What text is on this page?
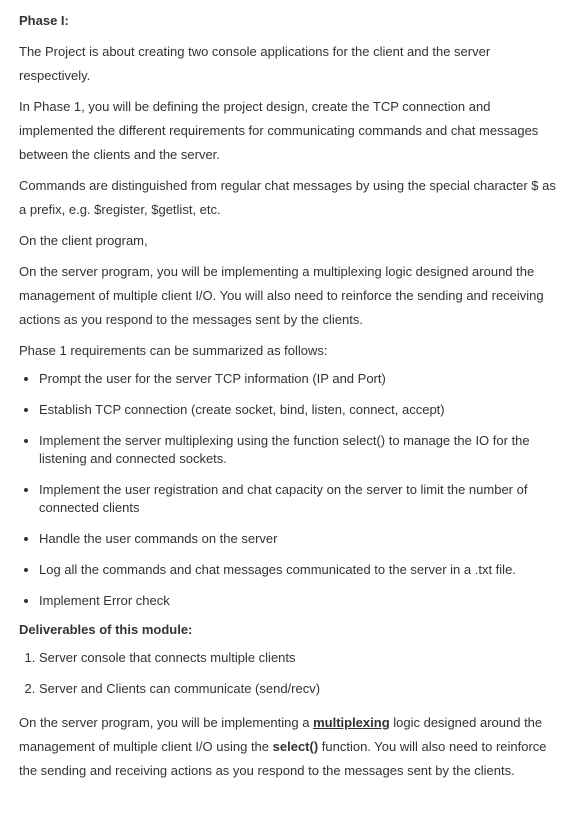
Phase I:

The Project is about creating two console applications for the client and the server respectively.

In Phase 1, you will be defining the project design, create the TCP connection and implemented the different requirements for communicating commands and chat messages between the clients and the server.

Commands are distinguished from regular chat messages by using the special character $ as a prefix, e.g. $register, $getlist, etc.

On the client program,

On the server program, you will be implementing a multiplexing logic designed around the management of multiple client I/O. You will also need to reinforce the sending and receiving actions as you respond to the messages sent by the clients.

Phase 1 requirements can be summarized as follows:

• Prompt the user for the server TCP information (IP and Port)
• Establish TCP connection (create socket, bind, listen, connect, accept)
• Implement the server multiplexing using the function select() to manage the IO for the listening and connected sockets.
• Implement the user registration and chat capacity on the server to limit the number of connected clients
• Handle the user commands on the server
• Log all the commands and chat messages communicated to the server in a .txt file.
• Implement Error check
Deliverables of this module:
1. Server console that connects multiple clients
2. Server and Clients can communicate (send/recv)

On the server program, you will be implementing a multiplexing logic designed around the management of multiple client I/O using the select() function. You will also need to reinforce the sending and receiving actions as you respond to the messages sent by the clients.
